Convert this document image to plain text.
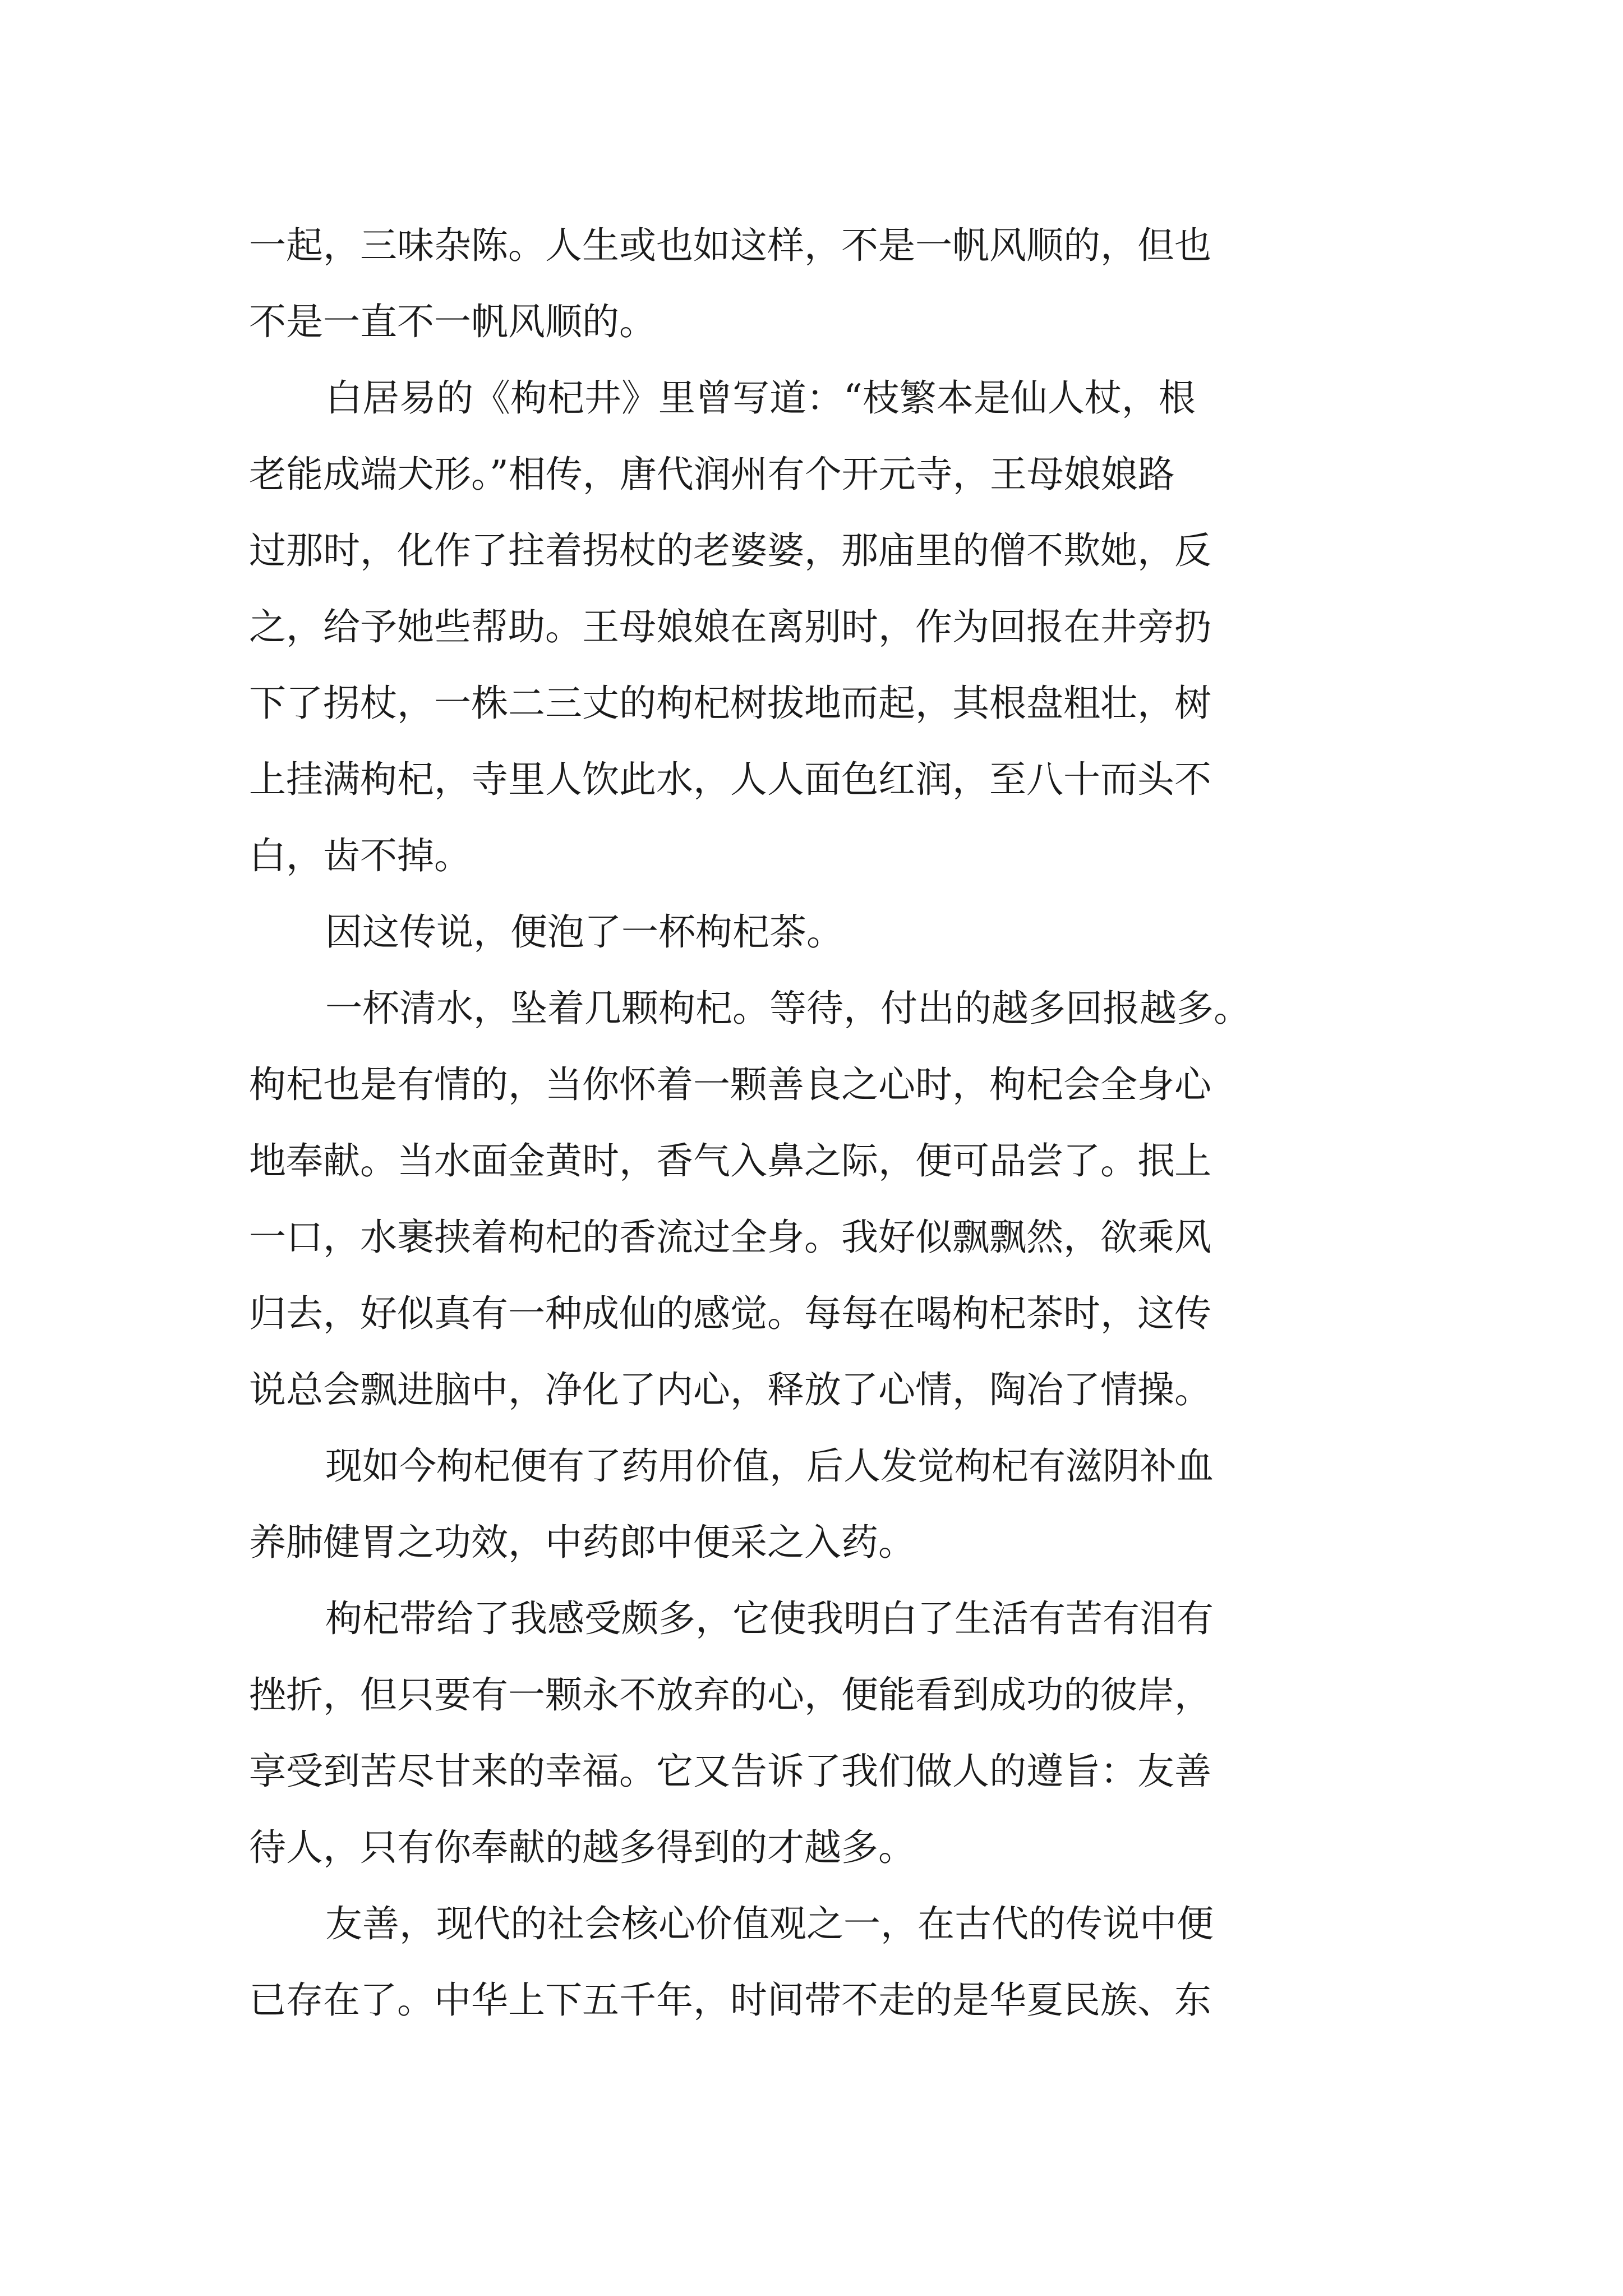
一起，三味杂陈。人生或也如这样，不是一帆风顺的，但也
不是一直不一帆风顺的。
白居易的《枸杞井》里曾写道：“枝繁本是仙人杖，根
老能成端犬形。”相传，唐代润州有个开元寺，王母娘娘路
过那时，化作了拄着拐杖的老婆婆，那庙里的僧不欺她，反
之，给予她些帮助。王母娘娘在离别时，作为回报在井旁扔
下了拐杖，一株二三丈的枸杞树拔地而起，其根盘粗壮，树
上挂满枸杞，寺里人饮此水，人人面色红润，至八十而头不
白，齿不掉。
因这传说，便泡了一杯枸杞茶。
一杯清水，坠着几颗枸杞。等待，付出的越多回报越多。
枸杞也是有情的，当你怀着一颗善良之心时，枸杞会全身心
地奉献。当水面金黄时，香气入鼻之际，便可品尝了。抿上
一口，水裹挟着枸杞的香流过全身。我好似飘飘然，欲乘风
归去，好似真有一种成仙的感觉。每每在喝枸杞茶时，这传
说总会飘进脑中，净化了内心，释放了心情，陶冶了情操。
现如今枸杞便有了药用价值，后人发觉枸杞有滋阴补血
养肺健胃之功效，中药郎中便采之入药。
枸杞带给了我感受颇多，它使我明白了生活有苦有泪有
挫折，但只要有一颗永不放弃的心，便能看到成功的彼岸，
享受到苦尽甘来的幸福。它又告诉了我们做人的遵旨：友善
待人，只有你奉献的越多得到的才越多。
友善，现代的社会核心价值观之一，在古代的传说中便
已存在了。中华上下五千年，时间带不走的是华夏民族、东
